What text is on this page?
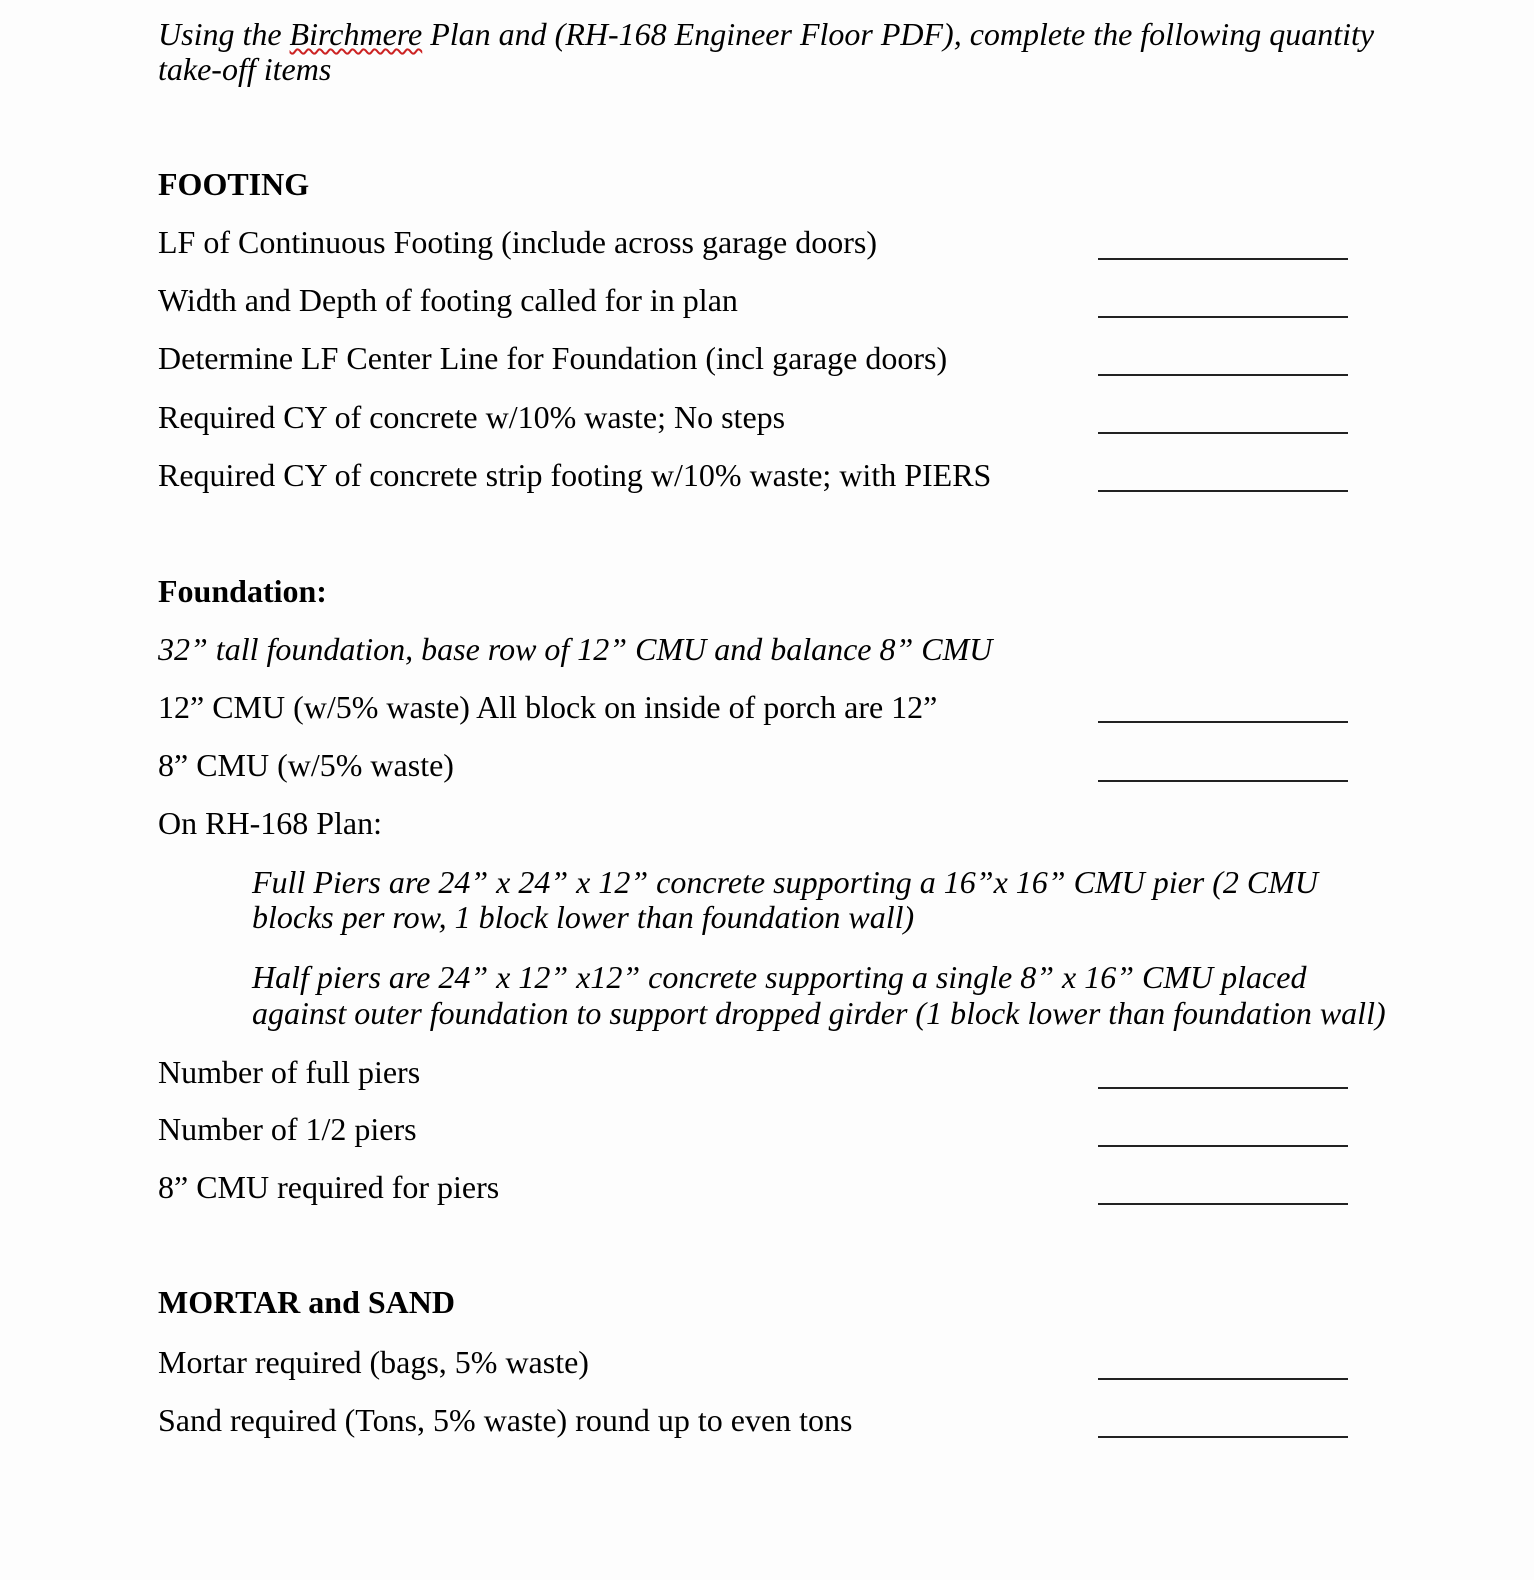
Using the Birchmere Plan and (RH-168 Engineer Floor PDF), complete the following quantity
take-off items
FOOTING
LF of Continuous Footing (include across garage doors)
Width and Depth of footing called for in plan
Determine LF Center Line for Foundation (incl garage doors)
Required CY of concrete w/10% waste; No steps
Required CY of concrete strip footing w/10% waste; with PIERS
Foundation:
32” tall foundation, base row of 12” CMU and balance 8” CMU
12” CMU (w/5% waste) All block on inside of porch are 12”
8” CMU (w/5% waste)
On RH-168 Plan:
Full Piers are 24” x 24” x 12” concrete supporting a 16”x 16” CMU pier (2 CMU
blocks per row, 1 block lower than foundation wall)
Half piers are 24” x 12” x12” concrete supporting a single 8” x 16” CMU placed
against outer foundation to support dropped girder (1 block lower than foundation wall)
Number of full piers
Number of 1/2 piers
8” CMU required for piers
MORTAR and SAND
Mortar required (bags, 5% waste)
Sand required (Tons, 5% waste) round up to even tons
